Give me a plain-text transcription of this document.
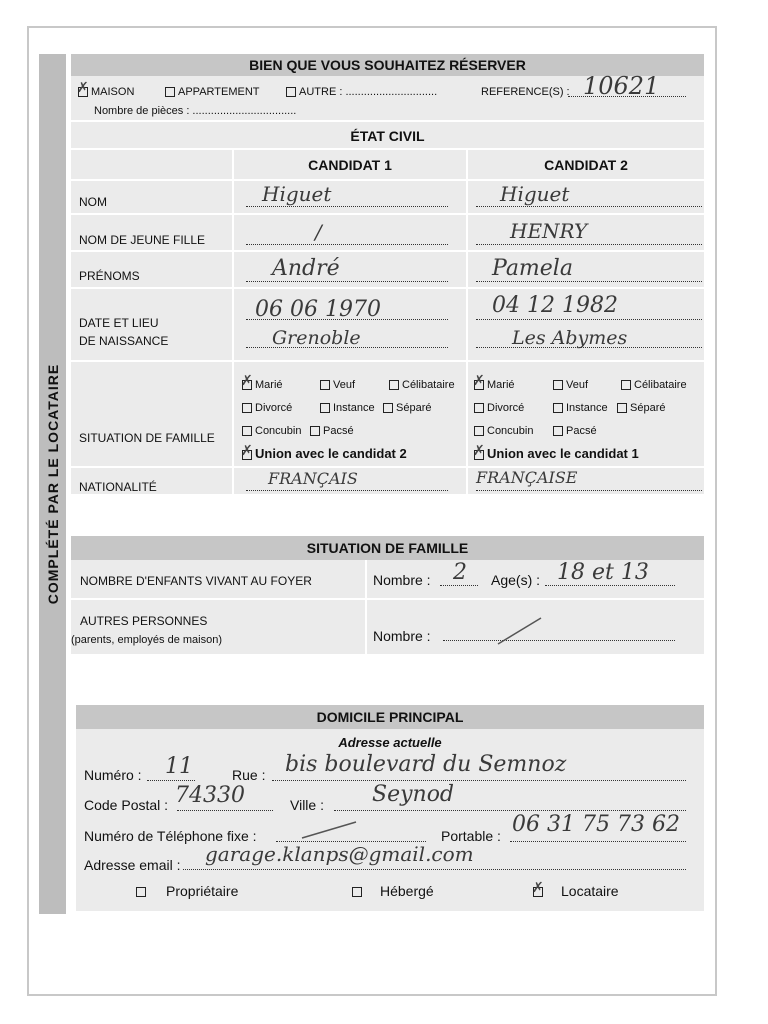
COMPLÉTÉ PAR LE LOCATAIRE
BIEN QUE VOUS SOUHAITEZ RÉSERVER
✗MAISON	APPARTEMENT	AUTRE : ..............................	REFERENCE(S) : 10621
Nombre de pièces : ..................................
ÉTAT CIVIL
CANDIDAT 1	CANDIDAT 2
NOM
NOM DE JEUNE FILLE
PRÉNOMS
DATE ET LIEU
DE NAISSANCE
SITUATION DE FAMILLE
NATIONALITÉ
Higuet
/
André
06 06 1970
Grenoble
FRANÇAIS
Higuet
HENRY
Pamela
04 12 1982
Les Abymes
FRANÇAISE
✗Marié	Veuf	Célibataire
Divorcé	Instance	Séparé
Concubin	Pacsé
✗Union avec le candidat 2
✗Marié	Veuf	Célibataire
Divorcé	Instance	Séparé
Concubin	Pacsé
✗Union avec le candidat 1
SITUATION DE FAMILLE
NOMBRE D'ENFANTS VIVANT AU FOYER	Nombre : 2 Age(s) : 18 et 13
AUTRES PERSONNES
(parents, employés de maison)	Nombre :
DOMICILE PRINCIPAL
Adresse actuelle
Numéro : 11	Rue : bis boulevard du Semnoz
Code Postal : 74330	Ville : Seynod
Numéro de Téléphone fixe :	Portable : 06 31 75 73 62
Adresse email : garage.klanps@gmail.com
Propriétaire	Hébergé
✗	Locataire
